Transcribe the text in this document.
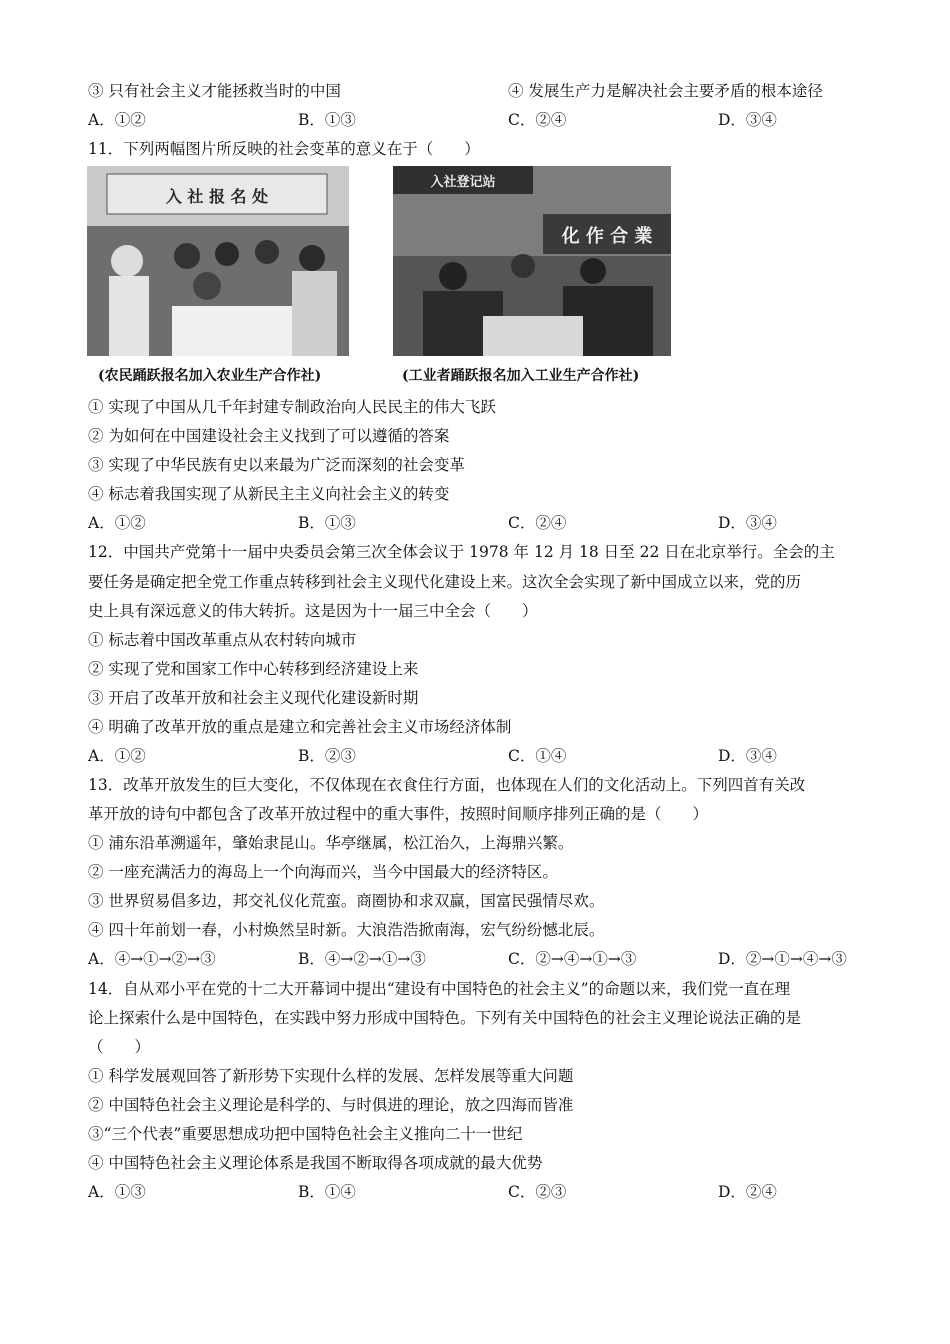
③ 只有社会主义才能拯救当时的中国	④ 发展生产力是解决社会主要矛盾的根本途径
A．①②	B．①③	C．②④	D．③④
11．下列两幅图片所反映的社会变革的意义在于（　　）
入 社 报 名 处
(农民踊跃报名加入农业生产合作社)
入社登记站
化 作 合 業
(工业者踊跃报名加入工业生产合作社)
① 实现了中国从几千年封建专制政治向人民民主的伟大飞跃
② 为如何在中国建设社会主义找到了可以遵循的答案
③ 实现了中华民族有史以来最为广泛而深刻的社会变革
④ 标志着我国实现了从新民主主义向社会主义的转变
A．①②	B．①③	C．②④	D．③④
12．中国共产党第十一届中央委员会第三次全体会议于 1978 年 12 月 18 日至 22 日在北京举行。全会的主
要任务是确定把全党工作重点转移到社会主义现代化建设上来。这次全会实现了新中国成立以来，党的历
史上具有深远意义的伟大转折。这是因为十一届三中全会（　　）
① 标志着中国改革重点从农村转向城市
② 实现了党和国家工作中心转移到经济建设上来
③ 开启了改革开放和社会主义现代化建设新时期
④ 明确了改革开放的重点是建立和完善社会主义市场经济体制
A．①②	B．②③	C．①④	D．③④
13．改革开放发生的巨大变化，不仅体现在衣食住行方面，也体现在人们的文化活动上。下列四首有关改
革开放的诗句中都包含了改革开放过程中的重大事件，按照时间顺序排列正确的是（　　）
① 浦东沿革溯遥年，肇始隶昆山。华亭继属，松江治久，上海鼎兴繁。
② 一座充满活力的海岛上一个向海而兴，当今中国最大的经济特区。
③ 世界贸易倡多边，邦交礼仪化荒蛮。商圈协和求双赢，国富民强情尽欢。
④ 四十年前划一春，小村焕然呈时新。大浪浩浩掀南海，宏气纷纷憾北辰。
A．④→①→②→③	B．④→②→①→③	C．②→④→①→③	D．②→①→④→③
14．自从邓小平在党的十二大开幕词中提出“建设有中国特色的社会主义”的命题以来，我们党一直在理
论上探索什么是中国特色，在实践中努力形成中国特色。下列有关中国特色的社会主义理论说法正确的是
（　　）
① 科学发展观回答了新形势下实现什么样的发展、怎样发展等重大问题
② 中国特色社会主义理论是科学的、与时俱进的理论，放之四海而皆准
③“三个代表”重要思想成功把中国特色社会主义推向二十一世纪
④ 中国特色社会主义理论体系是我国不断取得各项成就的最大优势
A．①③	B．①④	C．②③	D．②④
